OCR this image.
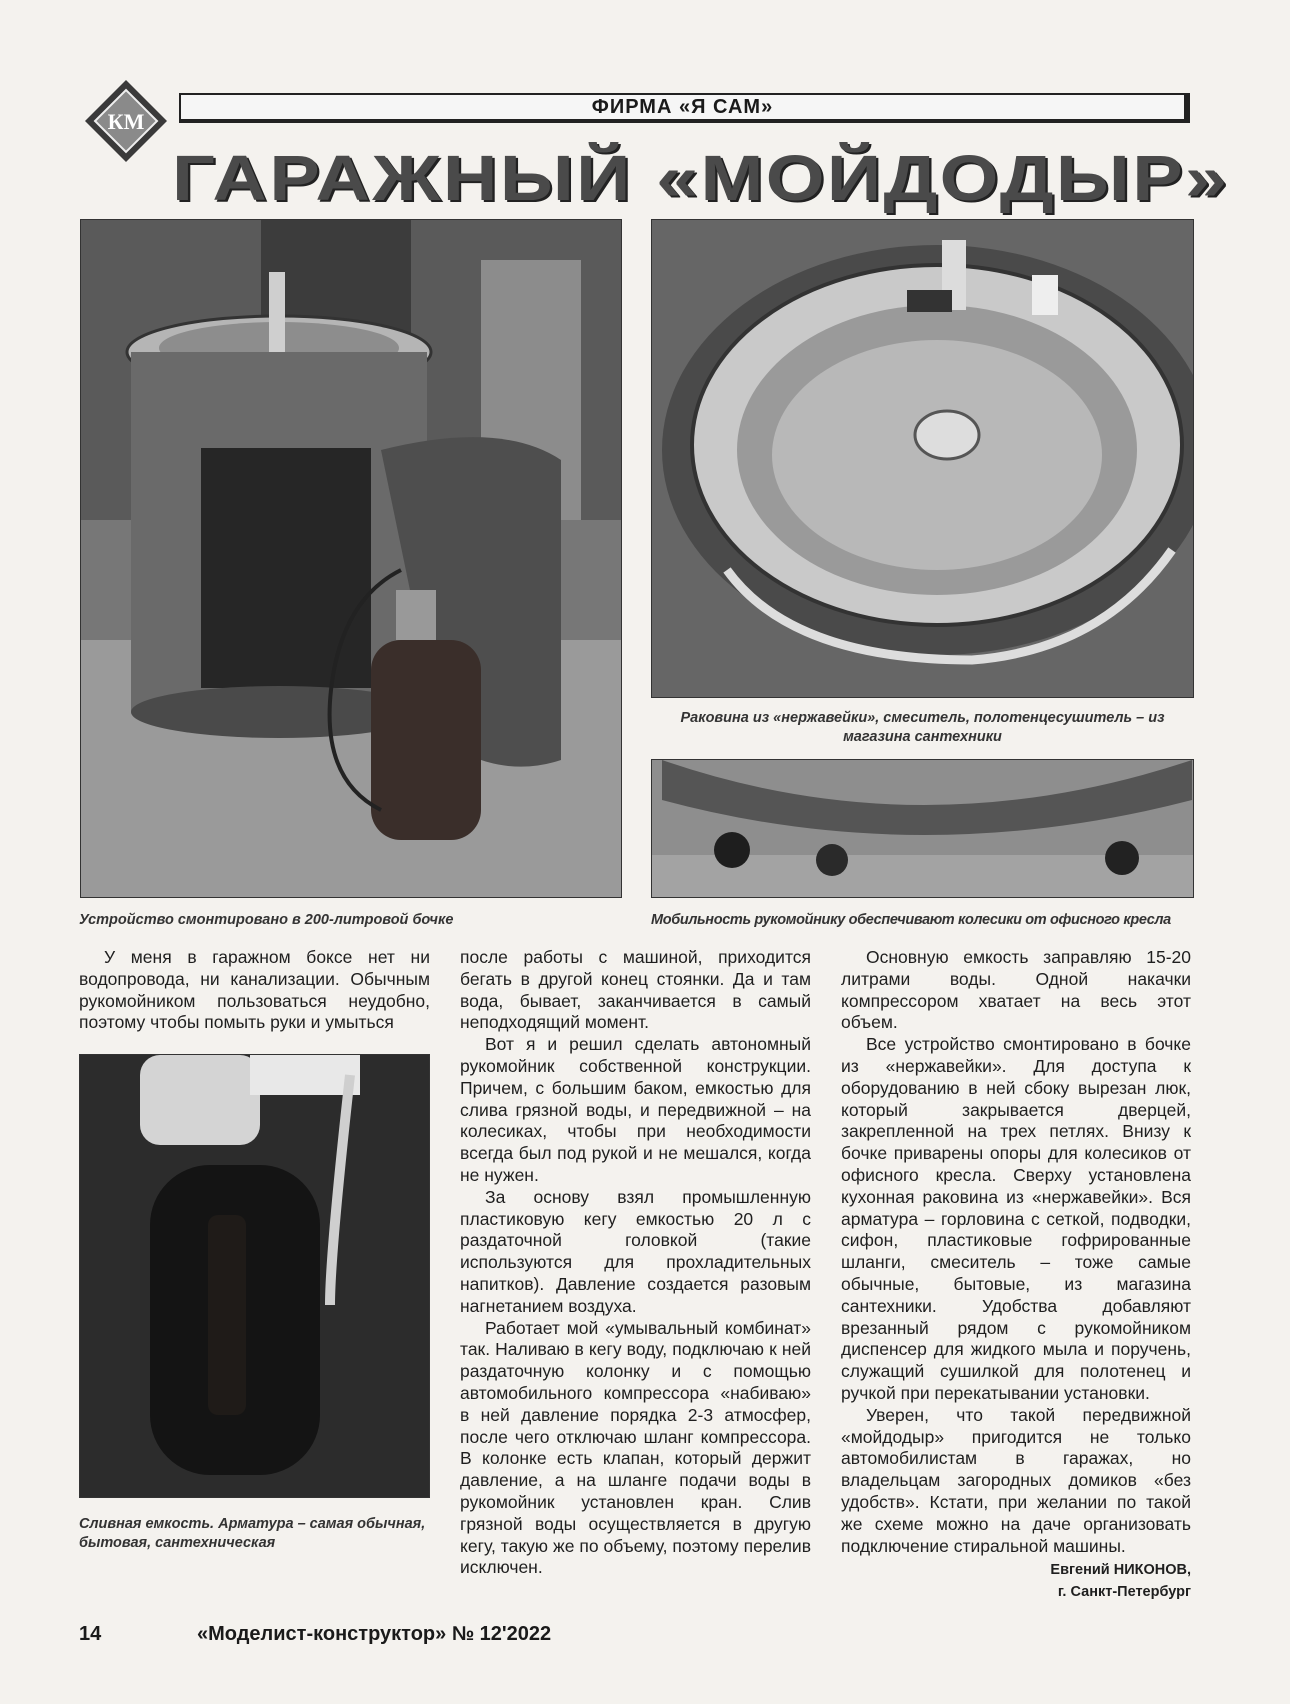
КМ
ФИРМА «Я САМ»
ГАРАЖНЫЙ «МОЙДОДЫР»
Устройство смонтировано в 200-литровой бочке
Раковина из «нержавейки», смеситель, полотенцесушитель – из магазина сантехники
Мобильность рукомойнику обеспечивают колесики от офисного кресла
Сливная емкость. Арматура – самая обычная, бытовая, сантехническая

У меня в гаражном боксе нет ни водопровода, ни канализации. Обычным рукомойником пользоваться неудобно, поэтому чтобы помыть руки и умыться

после работы с машиной, приходится бегать в другой конец стоянки. Да и там вода, бывает, заканчивается в самый неподходящий момент.

Вот я и решил сделать автономный рукомойник собственной конструкции. Причем, с большим баком, емкостью для слива грязной воды, и передвижной – на колесиках, чтобы при необходимости всегда был под рукой и не мешался, когда не нужен.

За основу взял промышленную пластиковую кегу емкостью 20 л с раздаточной головкой (такие используются для прохладительных напитков). Давление создается разовым нагнетанием воздуха.

Работает мой «умывальный комбинат» так. Наливаю в кегу воду, подключаю к ней раздаточную колонку и с помощью автомобильного компрессора «набиваю» в ней давление порядка 2-3 атмосфер, после чего отключаю шланг компрессора. В колонке есть клапан, который держит давление, а на шланге подачи воды в рукомойник установлен кран. Слив грязной воды осуществляется в другую кегу, такую же по объему, поэтому перелив исключен.

Основную емкость заправляю 15-20 литрами воды. Одной накачки компрессором хватает на весь этот объем.

Все устройство смонтировано в бочке из «нержавейки». Для доступа к оборудованию в ней сбоку вырезан люк, который закрывается дверцей, закрепленной на трех петлях. Внизу к бочке приварены опоры для колесиков от офисного кресла. Сверху установлена кухонная раковина из «нержавейки». Вся арматура – горловина с сеткой, подводки, сифон, пластиковые гофрированные шланги, смеситель – тоже самые обычные, бытовые, из магазина сантехники. Удобства добавляют врезанный рядом с рукомойником диспенсер для жидкого мыла и поручень, служащий сушилкой для полотенец и ручкой при перекатывании установки.

Уверен, что такой передвижной «мойдодыр» пригодится не только автомобилистам в гаражах, но владельцам загородных домиков «без удобств». Кстати, при желании по такой же схеме можно на даче организовать подключение стиральной машины.

Евгений НИКОНОВ,
г. Санкт-Петербург
14	«Моделист-конструктор» № 12'2022
